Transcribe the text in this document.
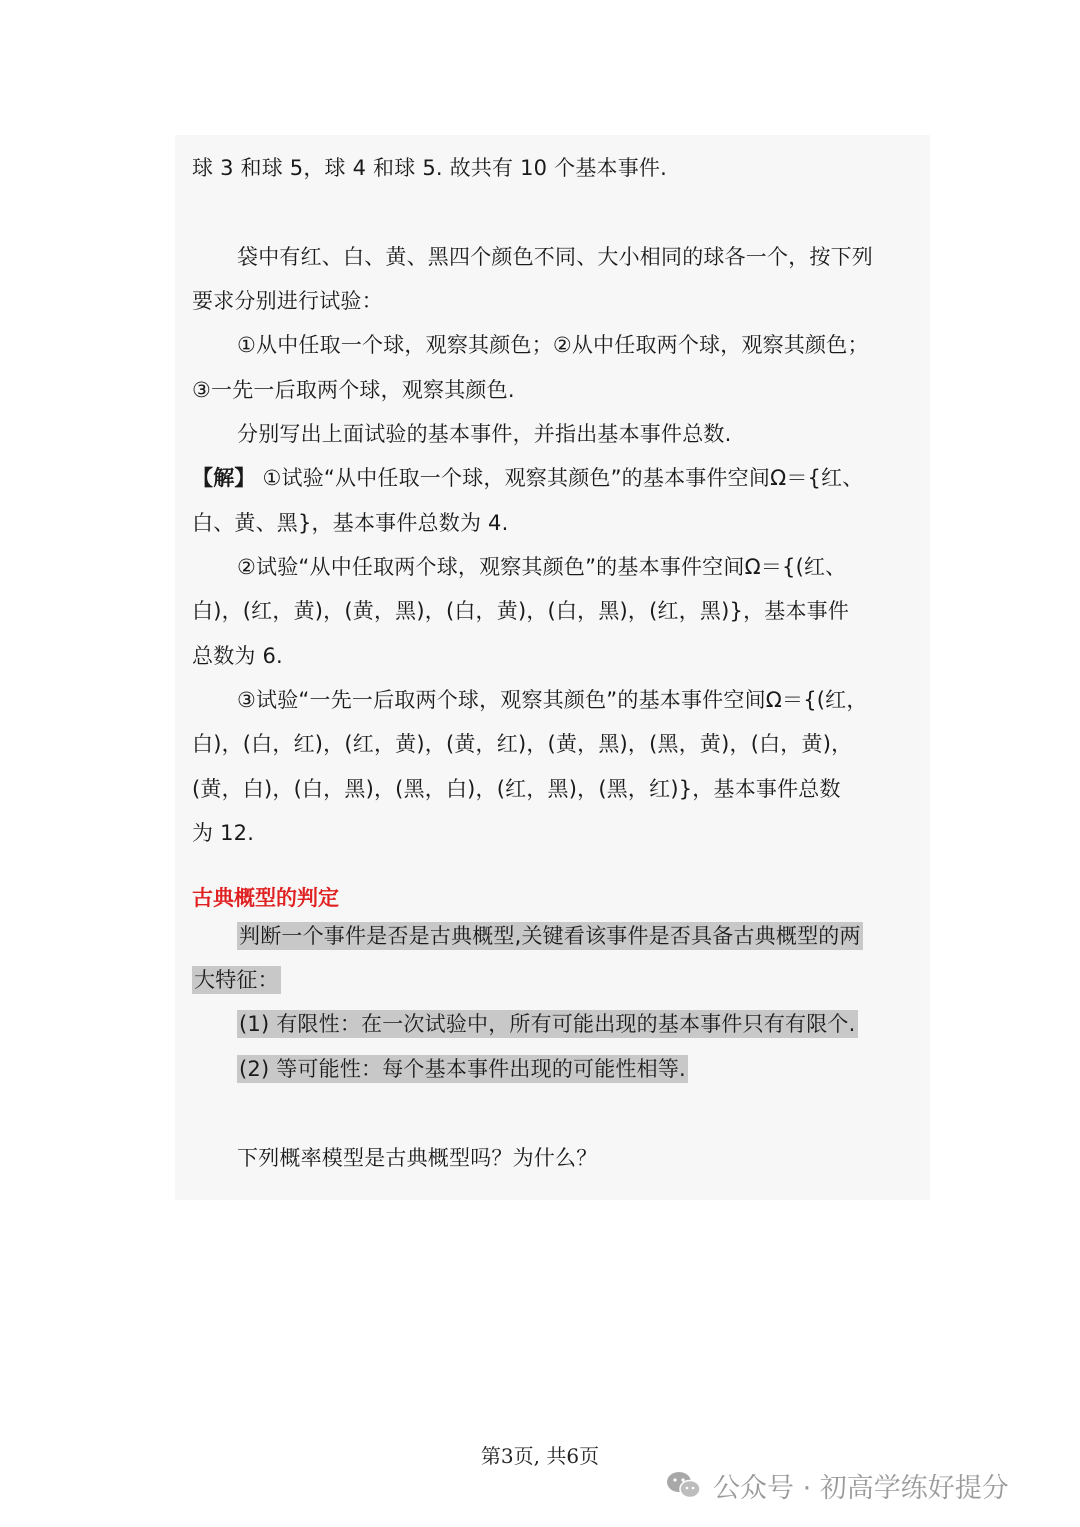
球 3 和球 5，球 4 和球 5. 故共有 10 个基本事件.
袋中有红、白、黄、黑四个颜色不同、大小相同的球各一个，按下列
要求分别进行试验：
①从中任取一个球，观察其颜色；②从中任取两个球，观察其颜色；
③一先一后取两个球，观察其颜色.
分别写出上面试验的基本事件，并指出基本事件总数.
【解】 ①试验“从中任取一个球，观察其颜色”的基本事件空间Ω＝{红、
白、黄、黑}，基本事件总数为 4.
②试验“从中任取两个球，观察其颜色”的基本事件空间Ω＝{(红、
白)，(红，黄)，(黄，黑)，(白，黄)，(白，黑)，(红，黑)}，基本事件
总数为 6.
③试验“一先一后取两个球，观察其颜色”的基本事件空间Ω＝{(红，
白)，(白，红)，(红，黄)，(黄，红)，(黄，黑)，(黑，黄)，(白，黄)，
(黄，白)，(白，黑)，(黑，白)，(红，黑)，(黑，红)}，基本事件总数
为 12.
古典概型的判定
判断一个事件是否是古典概型,关键看该事件是否具备古典概型的两
大特征：
(1) 有限性：在一次试验中，所有可能出现的基本事件只有有限个.
(2) 等可能性：每个基本事件出现的可能性相等.
下列概率模型是古典概型吗？为什么？
第3页, 共6页
公众号 · 初高学练好提分
